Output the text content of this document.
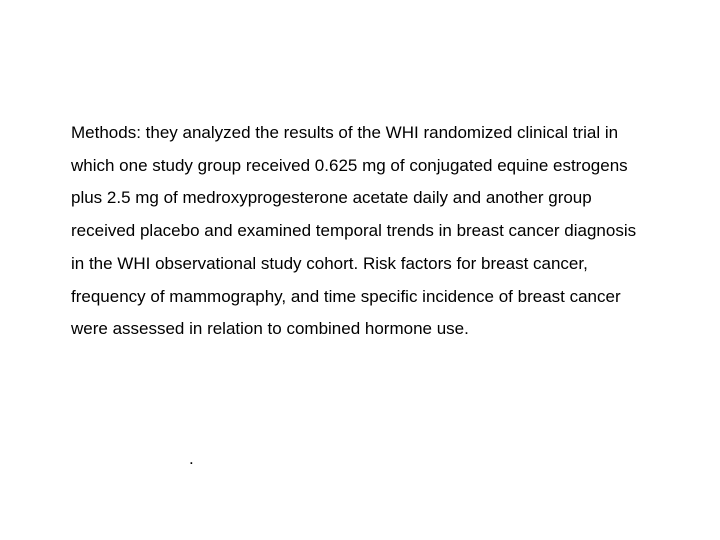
Methods: they analyzed the results of the WHI randomized clinical trial in
which one study group received 0.625 mg of conjugated equine estrogens
plus 2.5 mg of medroxyprogesterone acetate daily and another group
received placebo and examined temporal trends in breast cancer diagnosis
in the WHI observational study cohort. Risk factors for breast cancer,
frequency of mammography, and time specific incidence of breast cancer
were assessed in relation to combined hormone use.
.
